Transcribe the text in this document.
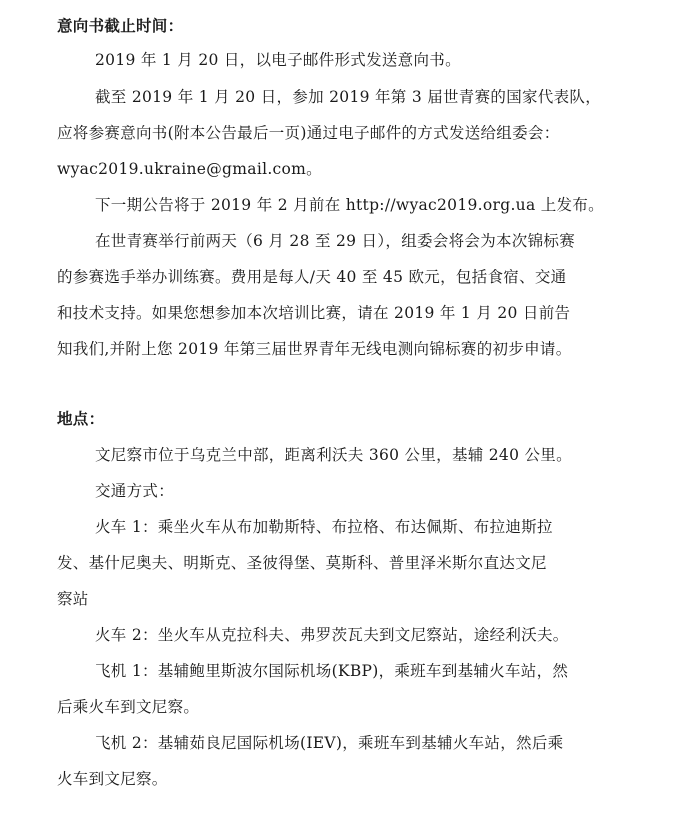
意向书截止时间：
2019 年 1 月 20 日，以电子邮件形式发送意向书。
截至 2019 年 1 月 20 日，参加 2019 年第 3 届世青赛的国家代表队，
应将参赛意向书(附本公告最后一页)通过电子邮件的方式发送给组委会：
wyac2019.ukraine@gmail.com。
下一期公告将于 2019 年 2 月前在 http://wyac2019.org.ua 上发布。
在世青赛举行前两天（6 月 28 至 29 日），组委会将会为本次锦标赛
的参赛选手举办训练赛。费用是每人/天 40 至 45 欧元，包括食宿、交通
和技术支持。如果您想参加本次培训比赛，请在 2019 年 1 月 20 日前告
知我们,并附上您 2019 年第三届世界青年无线电测向锦标赛的初步申请。
地点：
文尼察市位于乌克兰中部，距离利沃夫 360 公里，基辅 240 公里。
交通方式：
火车 1：乘坐火车从布加勒斯特、布拉格、布达佩斯、布拉迪斯拉
发、基什尼奥夫、明斯克、圣彼得堡、莫斯科、普里泽米斯尔直达文尼
察站
火车 2：坐火车从克拉科夫、弗罗茨瓦夫到文尼察站，途经利沃夫。
飞机 1：基辅鲍里斯波尔国际机场(KBP)，乘班车到基辅火车站，然
后乘火车到文尼察。
飞机 2：基辅茹良尼国际机场(IEV)，乘班车到基辅火车站，然后乘
火车到文尼察。
